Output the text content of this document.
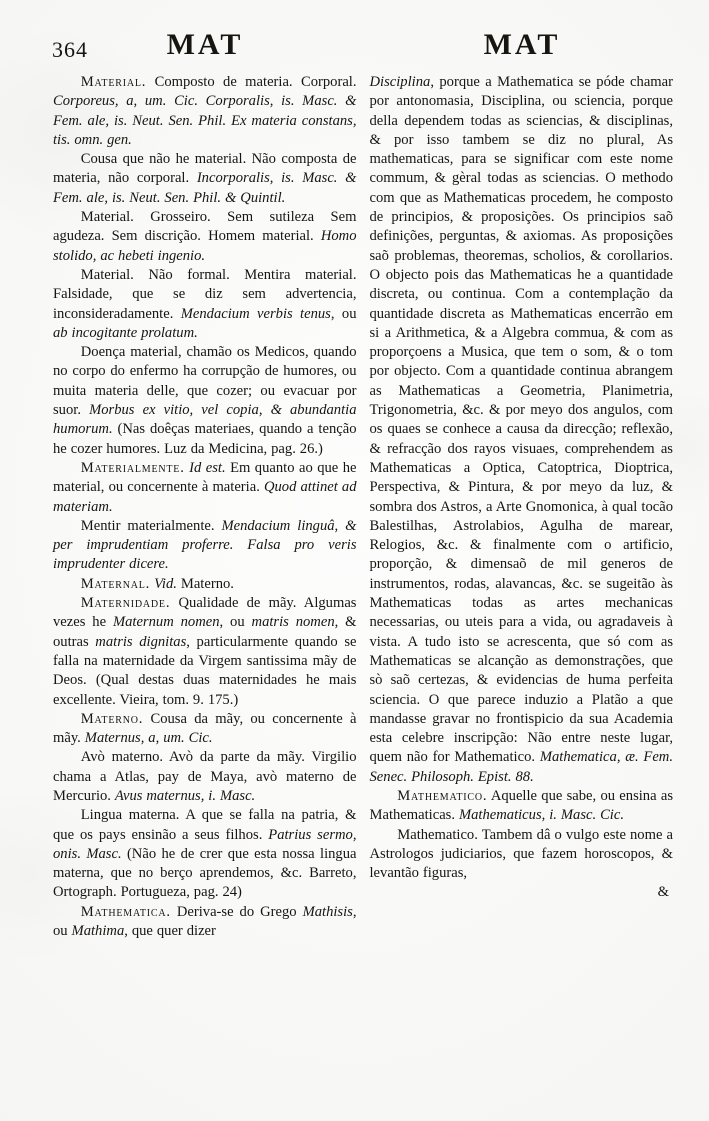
364	MAT	MAT

Material. Composto de materia. Corporal. Corporeus, a, um. Cic. Corporalis, is. Masc. & Fem. ale, is. Neut. Sen. Phil. Ex materia constans, tis. omn. gen.

Cousa que não he material. Não composta de materia, não corporal. Incorporalis, is. Masc. & Fem. ale, is. Neut. Sen. Phil. & Quintil.

Material. Grosseiro. Sem sutileza Sem agudeza. Sem discrição. Homem material. Homo stolido, ac hebeti ingenio.

Material. Não formal. Mentira material. Falsidade, que se diz sem advertencia, inconsideradamente. Mendacium verbis tenus, ou ab incogitante prolatum.

Doença material, chamão os Medicos, quando no corpo do enfermo ha corrupção de humores, ou muita materia delle, que cozer; ou evacuar por suor. Morbus ex vitio, vel copia, & abundantia humorum. (Nas doêças materiaes, quando a tenção he cozer humores. Luz da Medicina, pag. 26.)

Materialmente. Id est. Em quanto ao que he material, ou concernente à materia. Quod attinet ad materiam.

Mentir materialmente. Mendacium linguâ, & per imprudentiam proferre. Falsa pro veris imprudenter dicere.

Maternal. Vid. Materno.

Maternidade. Qualidade de mãy. Algumas vezes he Maternum nomen, ou matris nomen, & outras matris dignitas, particularmente quando se falla na maternidade da Virgem santissima mãy de Deos. (Qual destas duas maternidades he mais excellente. Vieira, tom. 9. 175.)

Materno. Cousa da mãy, ou concernente à mãy. Maternus, a, um. Cic.

Avò materno. Avò da parte da mãy. Virgilio chama a Atlas, pay de Maya, avò materno de Mercurio. Avus maternus, i. Masc.

Lingua materna. A que se falla na patria, & que os pays ensinão a seus filhos. Patrius sermo, onis. Masc. (Não he de crer que esta nossa lingua materna, que no berço aprendemos, &c. Barreto, Ortograph. Portugueza, pag. 24)

Mathematica. Deriva-se do Grego Mathisis, ou Mathima, que quer dizer

Disciplina, porque a Mathematica se póde chamar por antonomasia, Disciplina, ou sciencia, porque della dependem todas as sciencias, & disciplinas, & por isso tambem se diz no plural, As mathematicas, para se significar com este nome commum, & gèral todas as sciencias. O methodo com que as Mathematicas procedem, he composto de principios, & proposições. Os principios saõ definições, perguntas, & axiomas. As proposições saõ problemas, theoremas, scholios, & corollarios. O objecto pois das Mathematicas he a quantidade discreta, ou continua. Com a contemplação da quantidade discreta as Mathematicas encerrão em si a Arithmetica, & a Algebra commua, & com as proporçoens a Musica, que tem o som, & o tom por objecto. Com a quantidade continua abrangem as Mathematicas a Geometria, Planimetria, Trigonometria, &c. & por meyo dos angulos, com os quaes se conhece a causa da direcção; reflexão, & refracção dos rayos visuaes, comprehendem as Mathematicas a Optica, Catoptrica, Dioptrica, Perspectiva, & Pintura, & por meyo da luz, & sombra dos Astros, a Arte Gnomonica, à qual tocão Balestilhas, Astrolabios, Agulha de marear, Relogios, &c. & finalmente com o artificio, proporção, & dimensaõ de mil generos de instrumentos, rodas, alavancas, &c. se sugeitão às Mathematicas todas as artes mechanicas necessarias, ou uteis para a vida, ou agradaveis à vista. A tudo isto se acrescenta, que só com as Mathematicas se alcanção as demonstrações, que sò saõ certezas, & evidencias de huma perfeita sciencia. O que parece induzio a Platão a que mandasse gravar no frontispicio da sua Academia esta celebre inscripção: Não entre neste lugar, quem não for Mathematico. Mathematica, æ. Fem. Senec. Philosoph. Epist. 88.

Mathematico. Aquelle que sabe, ou ensina as Mathematicas. Mathematicus, i. Masc. Cic.

Mathematico. Tambem dâ o vulgo este nome a Astrologos judiciarios, que fazem horoscopos, & levantão figuras,

&
